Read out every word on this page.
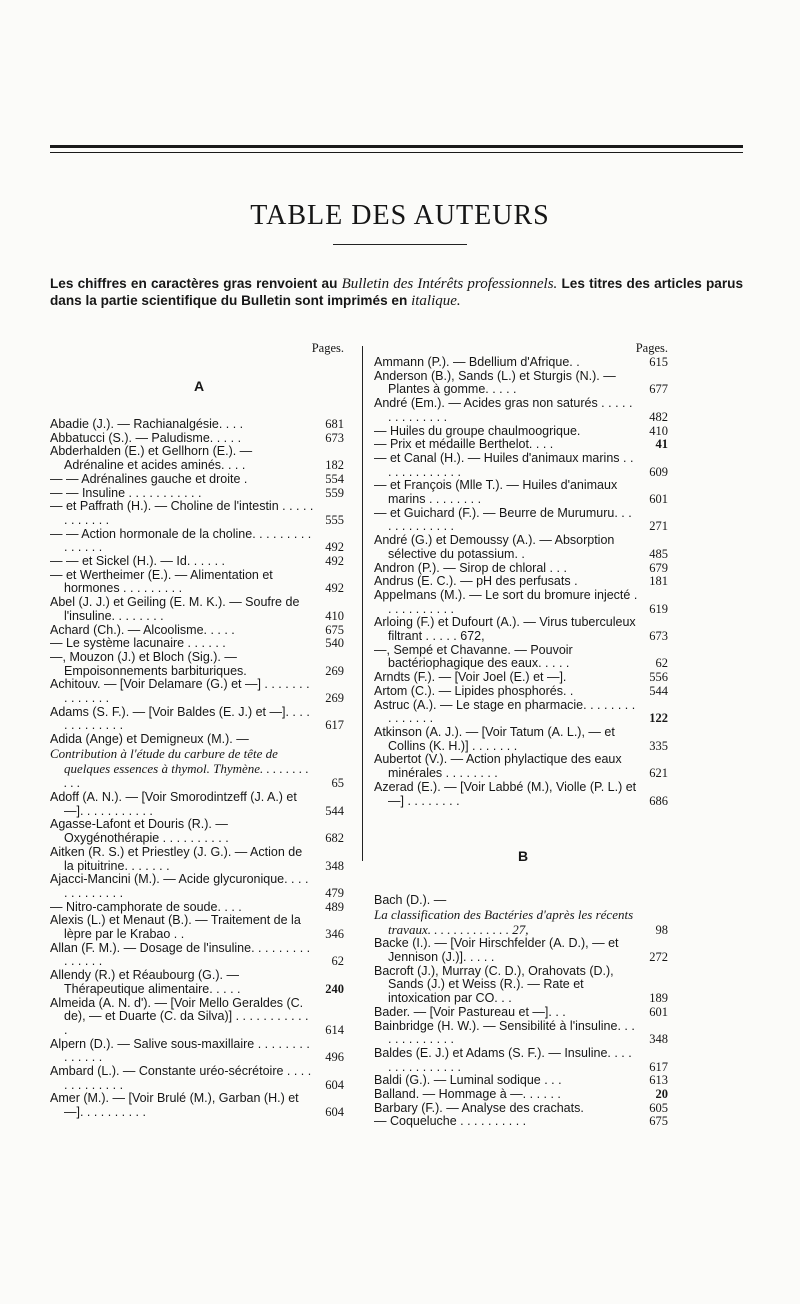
TABLE DES AUTEURS
Les chiffres en caractères gras renvoient au Bulletin des Intérêts professionnels. Les titres des articles parus dans la partie scientifique du Bulletin sont imprimés en italique.
Pages.
A
Abadie (J.). — Rachianalgésie. . . .	681
Abbatucci (S.). — Paludisme. . . . .	673
Abderhalden (E.) et Gellhorn (E.). — Adrénaline et acides aminés. . . .	182
— — Adrénalines gauche et droite .	554
— — Insuline . . . . . . . . . . .	559
— et Paffrath (H.). — Choline de l'intestin . . . . . . . . . . . .	555
— — Action hormonale de la choline. . . . . . . . . . . . . . .	492
— — et Sickel (H.). — Id. . . . . .	492
— et Wertheimer (E.). — Alimentation et hormones . . . . . . . . .	492
Abel (J. J.) et Geiling (E. M. K.). — Soufre de l'insuline. . . . . . . .	410
Achard (Ch.). — Alcoolisme. . . . .	675
— Le système lacunaire . . . . . .	540
—, Mouzon (J.) et Bloch (Sig.). — Empoisonnements barbituriques.	269
Achitouv. — [Voir Delamare (G.) et —] . . . . . . . . . . . . . .	269
Adams (S. F.). — [Voir Baldes (E. J.) et —]. . . . . . . . . . . . .	617
Adida (Ange) et Demigneux (M.). —
Contribution à l'étude du carbure de tête de quelques essences à thymol. Thymène. . . . . . . . . . .	65
Adoff (A. N.). — [Voir Smorodintzeff (J. A.) et —]. . . . . . . . . . .	544
Agasse-Lafont et Douris (R.). — Oxygénothérapie . . . . . . . . . .	682
Aitken (R. S.) et Priestley (J. G.). — Action de la pituitrine. . . . . . .	348
Ajacci-Mancini (M.). — Acide glycuronique. . . . . . . . . . . . .	479
— Nitro-camphorate de soude. . . .	489
Alexis (L.) et Menaut (B.). — Traitement de la lèpre par le Krabao . .	346
Allan (F. M.). — Dosage de l'insuline. . . . . . . . . . . . . . .	62
Allendy (R.) et Réaubourg (G.). — Thérapeutique alimentaire. . . . .	240
Almeida (A. N. d'). — [Voir Mello Geraldes (C. de), — et Duarte (C. da Silva)] . . . . . . . . . . . .	614
Alpern (D.). — Salive sous-maxillaire . . . . . . . . . . . . . .	496
Ambard (L.). — Constante uréo-sécrétoire . . . . . . . . . . . . .	604
Amer (M.). — [Voir Brulé (M.), Garban (H.) et —]. . . . . . . . . .	604
Pages.
Ammann (P.). — Bdellium d'Afrique. .	615
Anderson (B.), Sands (L.) et Sturgis (N.). — Plantes à gomme. . . . .	677
André (Em.). — Acides gras non saturés . . . . . . . . . . . . . .	482
— Huiles du groupe chaulmoogrique.	410
— Prix et médaille Berthelot. . . .	41
— et Canal (H.). — Huiles d'animaux marins . . . . . . . . . . . . .	609
— et François (Mlle T.). — Huiles d'animaux marins . . . . . . . .	601
— et Guichard (F.). — Beurre de Murumuru. . . . . . . . . . . . .	271
André (G.) et Demoussy (A.). — Absorption sélective du potassium. .	485
Andron (P.). — Sirop de chloral . . .	679
Andrus (E. C.). — pH des perfusats .	181
Appelmans (M.). — Le sort du bromure injecté . . . . . . . . . . .	619
Arloing (F.) et Dufourt (A.). — Virus tuberculeux filtrant . . . . . 672,	673
—, Sempé et Chavanne. — Pouvoir bactériophagique des eaux. . . . .	62
Arndts (F.). — [Voir Joel (E.) et —].	556
Artom (C.). — Lipides phosphorés. .	544
Astruc (A.). — Le stage en pharmacie. . . . . . . . . . . . . . .	122
Atkinson (A. J.). — [Voir Tatum (A. L.), — et Collins (K. H.)] . . . . . . .	335
Aubertot (V.). — Action phylactique des eaux minérales . . . . . . . .	621
Azerad (E.). — [Voir Labbé (M.), Violle (P. L.) et —] . . . . . . . .	686
B
Bach (D.). —
La classification des Bactéries d'après les récents travaux. . . . . . . . . . . . . 27,	98
Backe (I.). — [Voir Hirschfelder (A. D.), — et Jennison (J.)]. . . . .	272
Bacroft (J.), Murray (C. D.), Orahovats (D.), Sands (J.) et Weiss (R.). — Rate et intoxication par CO. . .	189
Bader. — [Voir Pastureau et —]. . .	601
Bainbridge (H. W.). — Sensibilité à l'insuline. . . . . . . . . . . . .	348
Baldes (E. J.) et Adams (S. F.). — Insuline. . . . . . . . . . . . . . .	617
Baldi (G.). — Luminal sodique . . .	613
Balland. — Hommage à —. . . . . .	20
Barbary (F.). — Analyse des crachats.	605
— Coqueluche . . . . . . . . . .	675
